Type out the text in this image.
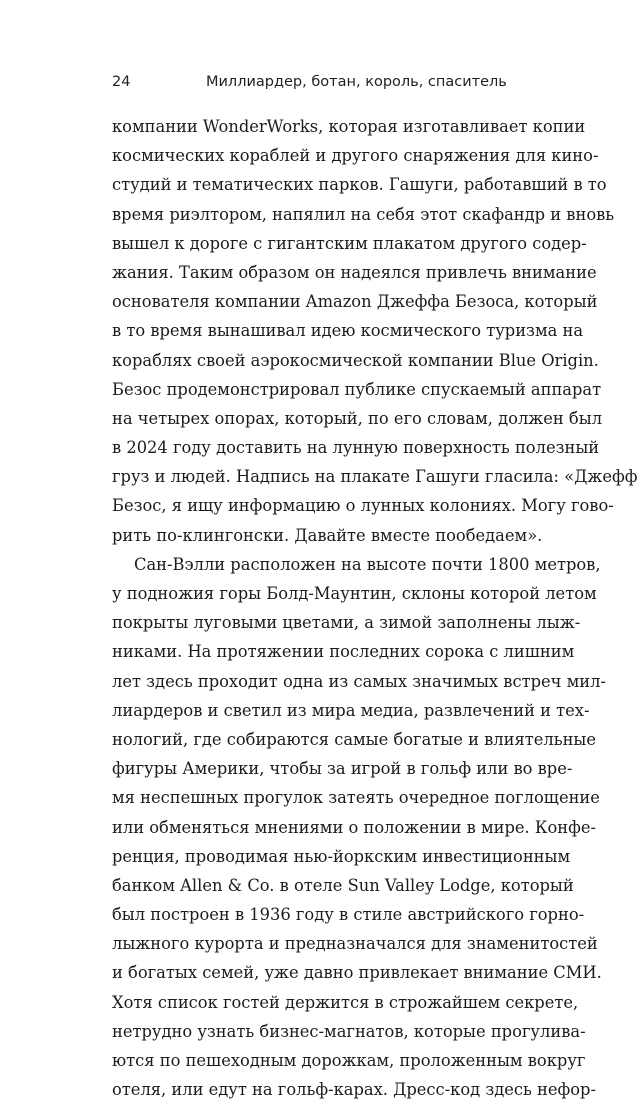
24	Миллиардер, ботан, король, спаситель
компании WonderWorks, которая изготавливает копии
космических кораблей и другого снаряжения для кино-
студий и тематических парков. Гашуги, работавший в то
время риэлтором, напялил на себя этот скафандр и вновь
вышел к дороге с гигантским плакатом другого содер-
жания. Таким образом он надеялся привлечь внимание
основателя компании Amazon Джеффа Безоса, который
в то время вынашивал идею космического туризма на
кораблях своей аэрокосмической компании Blue Origin.
Безос продемонстрировал публике спускаемый аппарат
на четырех опорах, который, по его словам, должен был
в 2024 году доставить на лунную поверхность полезный
груз и людей. Надпись на плакате Гашуги гласила: «Джефф
Безос, я ищу информацию о лунных колониях. Могу гово-
рить по-клингонски. Давайте вместе пообедаем».
Сан-Вэлли расположен на высоте почти 1800 метров,
у подножия горы Болд-Маунтин, склоны которой летом
покрыты луговыми цветами, а зимой заполнены лыж-
никами. На протяжении последних сорока с лишним
лет здесь проходит одна из самых значимых встреч мил-
лиардеров и светил из мира медиа, развлечений и тех-
нологий, где собираются самые богатые и влиятельные
фигуры Америки, чтобы за игрой в гольф или во вре-
мя неспешных прогулок затеять очередное поглощение
или обменяться мнениями о положении в мире. Конфе-
ренция, проводимая нью-йоркским инвестиционным
банком Allen & Co. в отеле Sun Valley Lodge, который
был построен в 1936 году в стиле австрийского горно-
лыжного курорта и предназначался для знаменитостей
и богатых семей, уже давно привлекает внимание СМИ.
Хотя список гостей держится в строжайшем секрете,
нетрудно узнать бизнес-магнатов, которые прогулива-
ются по пешеходным дорожкам, проложенным вокруг
отеля, или едут на гольф-карах. Дресс-код здесь нефор-
